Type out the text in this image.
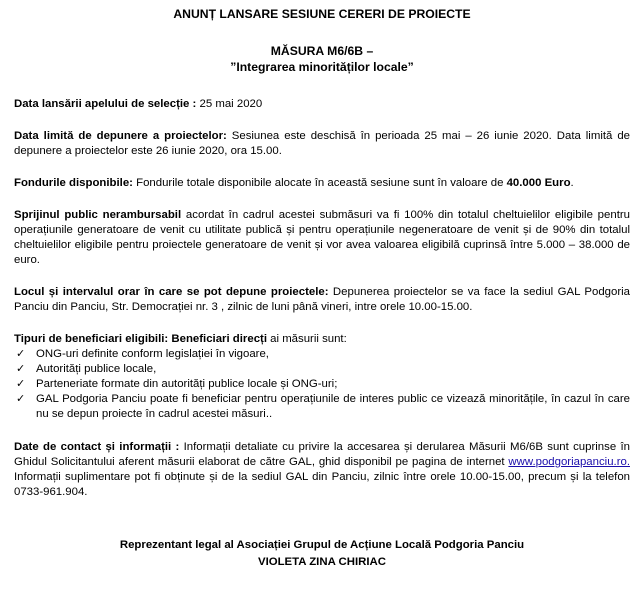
ANUNȚ LANSARE SESIUNE CERERI DE PROIECTE
MĂSURA M6/6B –
”Integrarea minorităților locale”

Data lansării apelului de selecție : 25 mai 2020

Data limită de depunere a proiectelor: Sesiunea este deschisă în perioada 25 mai – 26 iunie 2020. Data limită de depunere a proiectelor este 26 iunie 2020, ora 15.00.

Fondurile disponibile: Fondurile totale disponibile alocate în această sesiune sunt în valoare de 40.000 Euro.

Sprijinul public nerambursabil acordat în cadrul acestei submăsuri va fi 100% din totalul cheltuielilor eligibile pentru operațiunile generatoare de venit cu utilitate publică și pentru operațiunile negeneratoare de venit și de 90% din totalul cheltuielilor eligibile pentru proiectele generatoare de venit și vor avea valoarea eligibilă cuprinsă între 5.000 – 38.000 de euro.

Locul și intervalul orar în care se pot depune proiectele: Depunerea proiectelor se va face la sediul GAL Podgoria Panciu din Panciu, Str. Democrației nr. 3 , zilnic de luni până vineri, intre orele 10.00-15.00.

Tipuri de beneficiari eligibili: Beneficiari direcți ai măsurii sunt:

✓ ONG-uri definite conform legislației în vigoare,
✓ Autorități publice locale,
✓ Parteneriate formate din autorități publice locale și ONG-uri;
✓ GAL Podgoria Panciu poate fi beneficiar pentru operațiunile de interes public ce vizează minoritățile, în cazul în care nu se depun proiecte în cadrul acestei măsuri..

Date de contact și informații : Informații detaliate cu privire la accesarea și derularea Măsurii M6/6B sunt cuprinse în Ghidul Solicitantului aferent măsurii elaborat de către GAL, ghid disponibil pe pagina de internet www.podgoriapanciu.ro. Informații suplimentare pot fi obținute și de la sediul GAL din Panciu, zilnic între orele 10.00-15.00, precum și la telefon 0733-961.904.

Reprezentant legal al Asociației Grupul de Acțiune Locală Podgoria Panciu
VIOLETA ZINA CHIRIAC
